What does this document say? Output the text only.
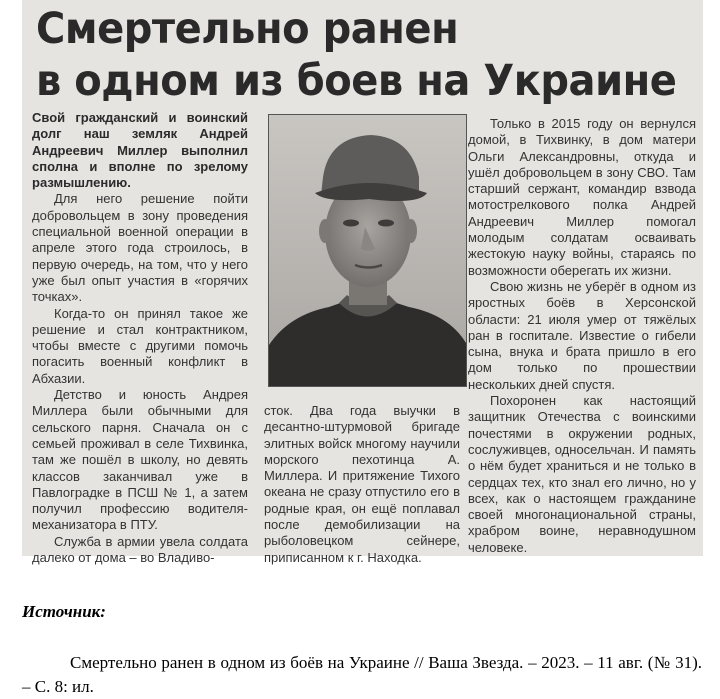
Смертельно ранен
в одном из боев на Украине

Свой гражданский и воинский долг наш земляк Андрей Андреевич Миллер выполнил сполна и вполне по зрелому размышлению.

Для него решение пойти добровольцем в зону проведения специальной военной операции в апреле этого года строилось, в первую очередь, на том, что у него уже был опыт участия в «горячих точках».

Когда-то он принял такое же решение и стал контрактником, чтобы вместе с другими помочь погасить военный конфликт в Абхазии.

Детство и юность Андрея Миллера были обычными для сельского парня. Сначала он с семьей проживал в селе Тихвинка, там же пошёл в школу, но девять классов заканчивал уже в Павлоградке в ПСШ № 1, а затем получил профессию водителя-механизатора в ПТУ.

Служба в армии увела солдата далеко от дома – во Владиво-

сток. Два года выучки в десантно-штурмовой бригаде элитных войск многому научили морского пехотинца А. Миллера. И притяжение Тихого океана не сразу отпустило его в родные края, он ещё поплавал после демобилизации на рыболовецком сейнере, приписанном к г. Находка.

Только в 2015 году он вернулся домой, в Тихвинку, в дом матери Ольги Александровны, откуда и ушёл добровольцем в зону СВО. Там старший сержант, командир взвода мотострелкового полка Андрей Андреевич Миллер помогал молодым солдатам осваивать жестокую науку войны, стараясь по возможности оберегать их жизни.

Свою жизнь не уберёг в одном из яростных боёв в Херсонской области: 21 июля умер от тяжёлых ран в госпитале. Известие о гибели сына, внука и брата пришло в его дом только по прошествии нескольких дней спустя.

Похоронен как настоящий защитник Отечества с воинскими почестями в окружении родных, сослуживцев, односельчан. И память о нём будет храниться и не только в сердцах тех, кто знал его лично, но у всех, как о настоящем гражданине своей многонациональной страны, храбром воине, неравнодушном человеке.

Источник:
Смертельно ранен в одном из боёв на Украине // Ваша Звезда. – 2023. – 11 авг. (№ 31). – С. 8: ил.
